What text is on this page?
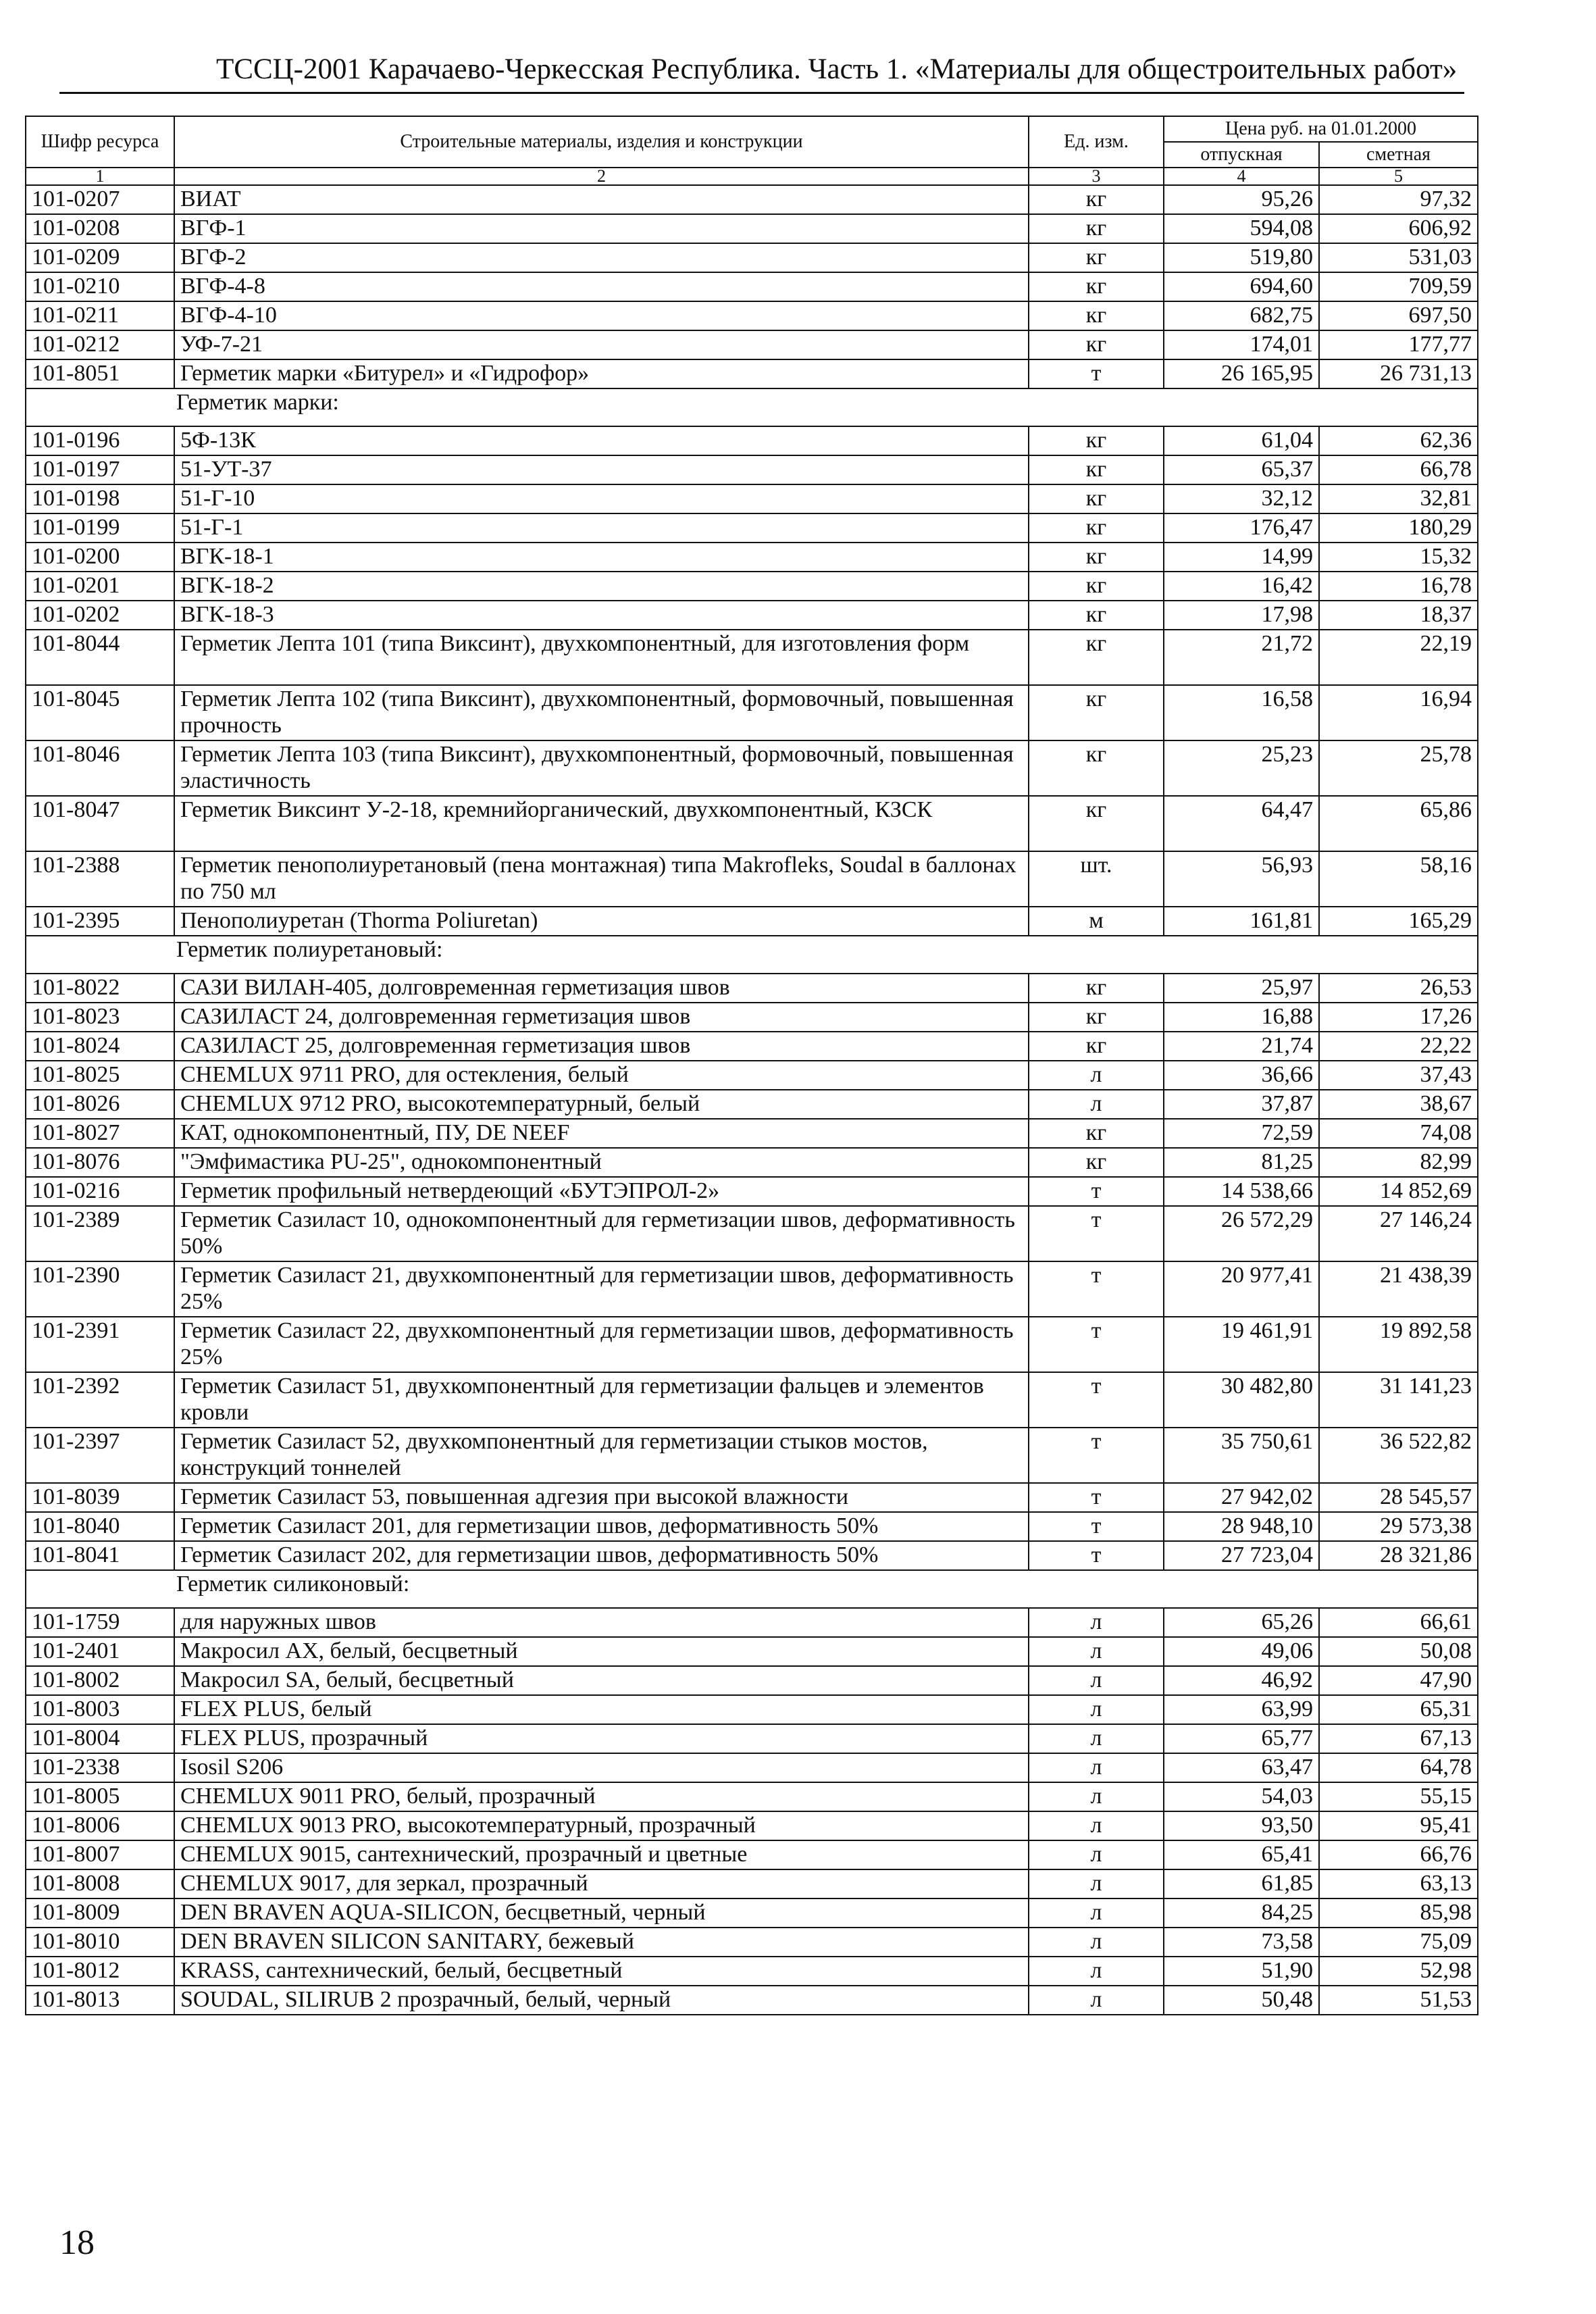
ТССЦ-2001 Карачаево-Черкесская Республика. Часть 1. «Материалы для общестроительных работ»
Шифр ресурса	Строительные материалы, изделия и конструкции	Ед. изм.	Цена руб. на 01.01.2000	
			отпускная	сметная
1	2	3	4	5
101-0207	ВИАТ	кг	95,26	97,32
101-0208	ВГФ-1	кг	594,08	606,92
101-0209	ВГФ-2	кг	519,80	531,03
101-0210	ВГФ-4-8	кг	694,60	709,59
101-0211	ВГФ-4-10	кг	682,75	697,50
101-0212	УФ-7-21	кг	174,01	177,77
101-8051	Герметик марки «Битурел» и «Гидрофор»	т	26 165,95	26 731,13
Герметик марки:				
101-0196	5Ф-13К	кг	61,04	62,36
101-0197	51-УТ-37	кг	65,37	66,78
101-0198	51-Г-10	кг	32,12	32,81
101-0199	51-Г-1	кг	176,47	180,29
101-0200	ВГК-18-1	кг	14,99	15,32
101-0201	ВГК-18-2	кг	16,42	16,78
101-0202	ВГК-18-3	кг	17,98	18,37
101-8044	Герметик Лепта 101 (типа Виксинт), двухкомпонентный, для изготовления форм	кг	21,72	22,19
101-8045	Герметик Лепта 102 (типа Виксинт), двухкомпонентный, формовочный, повышенная прочность	кг	16,58	16,94
101-8046	Герметик Лепта 103 (типа Виксинт), двухкомпонентный, формовочный, повышенная эластичность	кг	25,23	25,78
101-8047	Герметик Виксинт У-2-18, кремнийорганический, двухкомпонентный, КЗСК	кг	64,47	65,86
101-2388	Герметик пенополиуретановый (пена монтажная) типа Makrofleks, Soudal в баллонах по 750 мл	шт.	56,93	58,16
101-2395	Пенополиуретан (Thorma Poliuretan)	м	161,81	165,29
Герметик полиуретановый:				
101-8022	САЗИ ВИЛАН-405, долговременная герметизация швов	кг	25,97	26,53
101-8023	САЗИЛАСТ 24, долговременная герметизация швов	кг	16,88	17,26
101-8024	САЗИЛАСТ 25, долговременная герметизация швов	кг	21,74	22,22
101-8025	CHEMLUX 9711 PRO, для остекления, белый	л	36,66	37,43
101-8026	CHEMLUX 9712 PRO, высокотемпературный, белый	л	37,87	38,67
101-8027	КАТ, однокомпонентный, ПУ, DE NEEF	кг	72,59	74,08
101-8076	"Эмфимастика PU-25", однокомпонентный	кг	81,25	82,99
101-0216	Герметик профильный нетвердеющий «БУТЭПРОЛ-2»	т	14 538,66	14 852,69
101-2389	Герметик Сазиласт 10, однокомпонентный для герметизации швов, деформативность 50%	т	26 572,29	27 146,24
101-2390	Герметик Сазиласт 21, двухкомпонентный для герметизации швов, деформативность 25%	т	20 977,41	21 438,39
101-2391	Герметик Сазиласт 22, двухкомпонентный для герметизации швов, деформативность 25%	т	19 461,91	19 892,58
101-2392	Герметик Сазиласт 51, двухкомпонентный для герметизации фальцев и элементов кровли	т	30 482,80	31 141,23
101-2397	Герметик Сазиласт 52, двухкомпонентный для герметизации стыков мостов, конструкций тоннелей	т	35 750,61	36 522,82
101-8039	Герметик Сазиласт 53, повышенная адгезия при высокой влажности	т	27 942,02	28 545,57
101-8040	Герметик Сазиласт 201, для герметизации швов, деформативность 50%	т	28 948,10	29 573,38
101-8041	Герметик Сазиласт 202, для герметизации швов, деформативность 50%	т	27 723,04	28 321,86
Герметик силиконовый:				
101-1759	для наружных швов	л	65,26	66,61
101-2401	Макросил АХ, белый, бесцветный	л	49,06	50,08
101-8002	Макросил SA, белый, бесцветный	л	46,92	47,90
101-8003	FLEX PLUS, белый	л	63,99	65,31
101-8004	FLEX PLUS, прозрачный	л	65,77	67,13
101-2338	Isosil S206	л	63,47	64,78
101-8005	CHEMLUX 9011 PRO, белый, прозрачный	л	54,03	55,15
101-8006	CHEMLUX 9013 PRO, высокотемпературный, прозрачный	л	93,50	95,41
101-8007	CHEMLUX 9015, сантехнический, прозрачный и цветные	л	65,41	66,76
101-8008	CHEMLUX 9017, для зеркал, прозрачный	л	61,85	63,13
101-8009	DEN BRAVEN AQUA-SILICON, бесцветный, черный	л	84,25	85,98
101-8010	DEN BRAVEN SILICON SANITARY, бежевый	л	73,58	75,09
101-8012	KRASS, сантехнический, белый, бесцветный	л	51,90	52,98
101-8013	SOUDAL, SILIRUB 2 прозрачный, белый, черный	л	50,48	51,53
18
